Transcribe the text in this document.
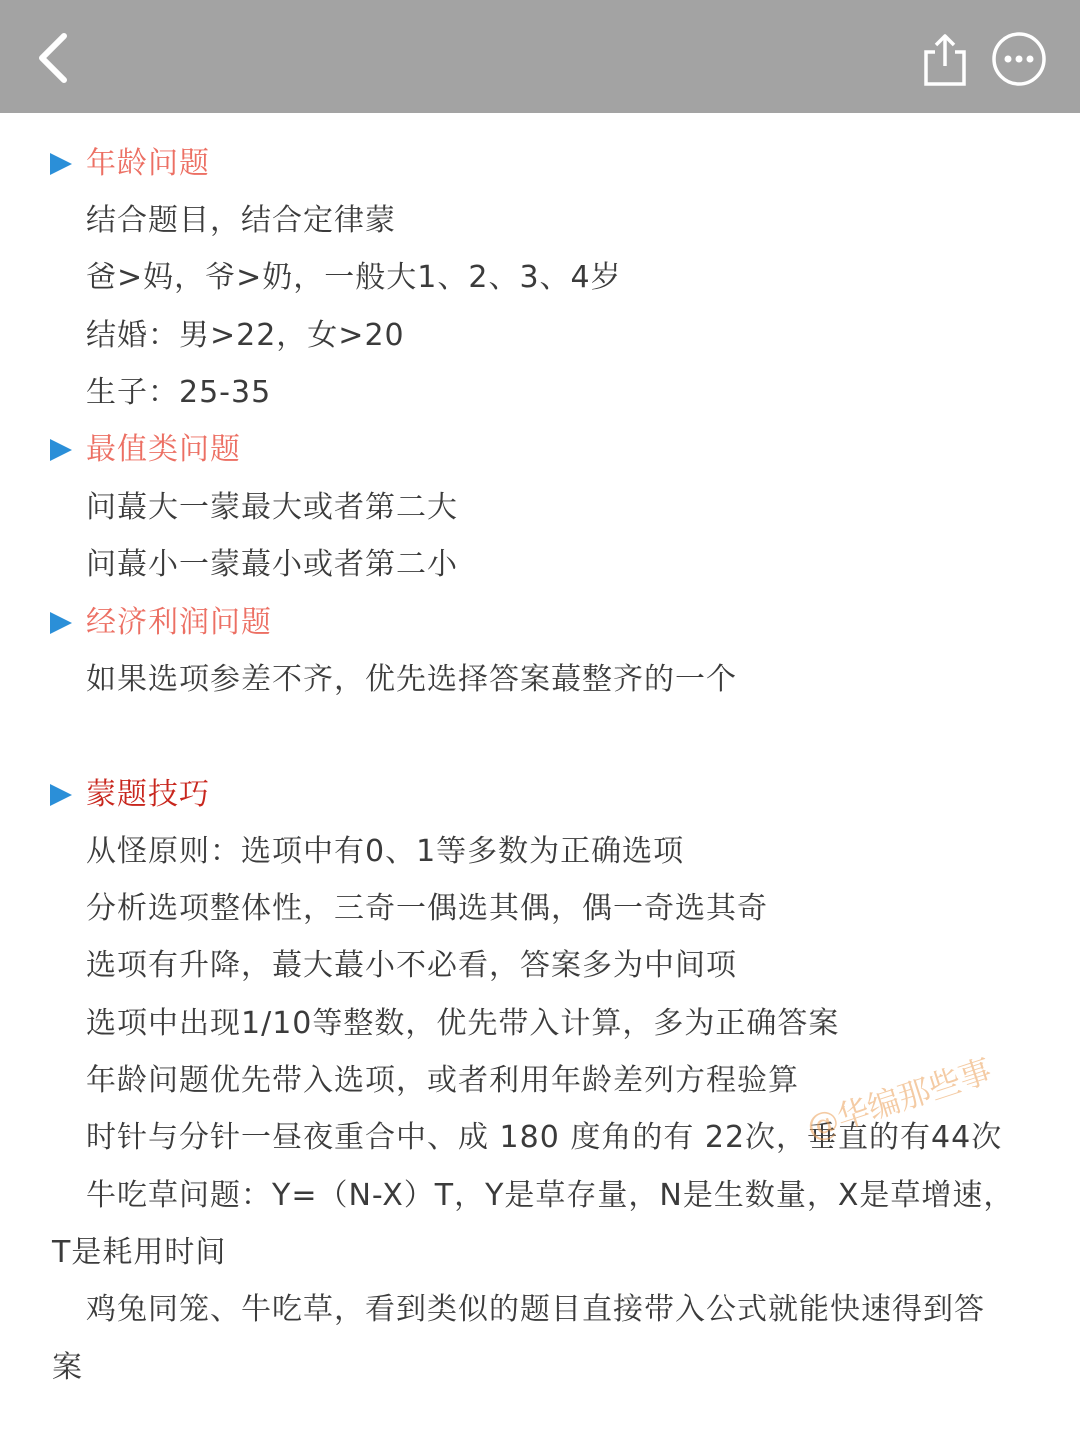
年龄问题
结合题目，结合定律蒙
爸>妈，爷>奶，一般大1、2、3、4岁
结婚：男>22，女>20
生子：25-35
最值类问题
问蕞大一蒙最大或者第二大
问蕞小一蒙蕞小或者第二小
经济利润问题
如果选项参差不齐，优先选择答案蕞整齐的一个
蒙题技巧
从怪原则：选项中有0、1等多数为正确选项
分析选项整体性，三奇一偶选其偶，偶一奇选其奇
选项有升降，蕞大蕞小不必看，答案多为中间项
选项中出现1/10等整数，优先带入计算，多为正确答案
年龄问题优先带入选项，或者利用年龄差列方程验算
时针与分针一昼夜重合中、成 180 度角的有 22次，垂直的有44次
牛吃草问题：Y=（N-X）T，Y是草存量，N是生数量，X是草增速，
T是耗用时间
鸡兔同笼、牛吃草，看到类似的题目直接带入公式就能快速得到答
案
@华编那些事
